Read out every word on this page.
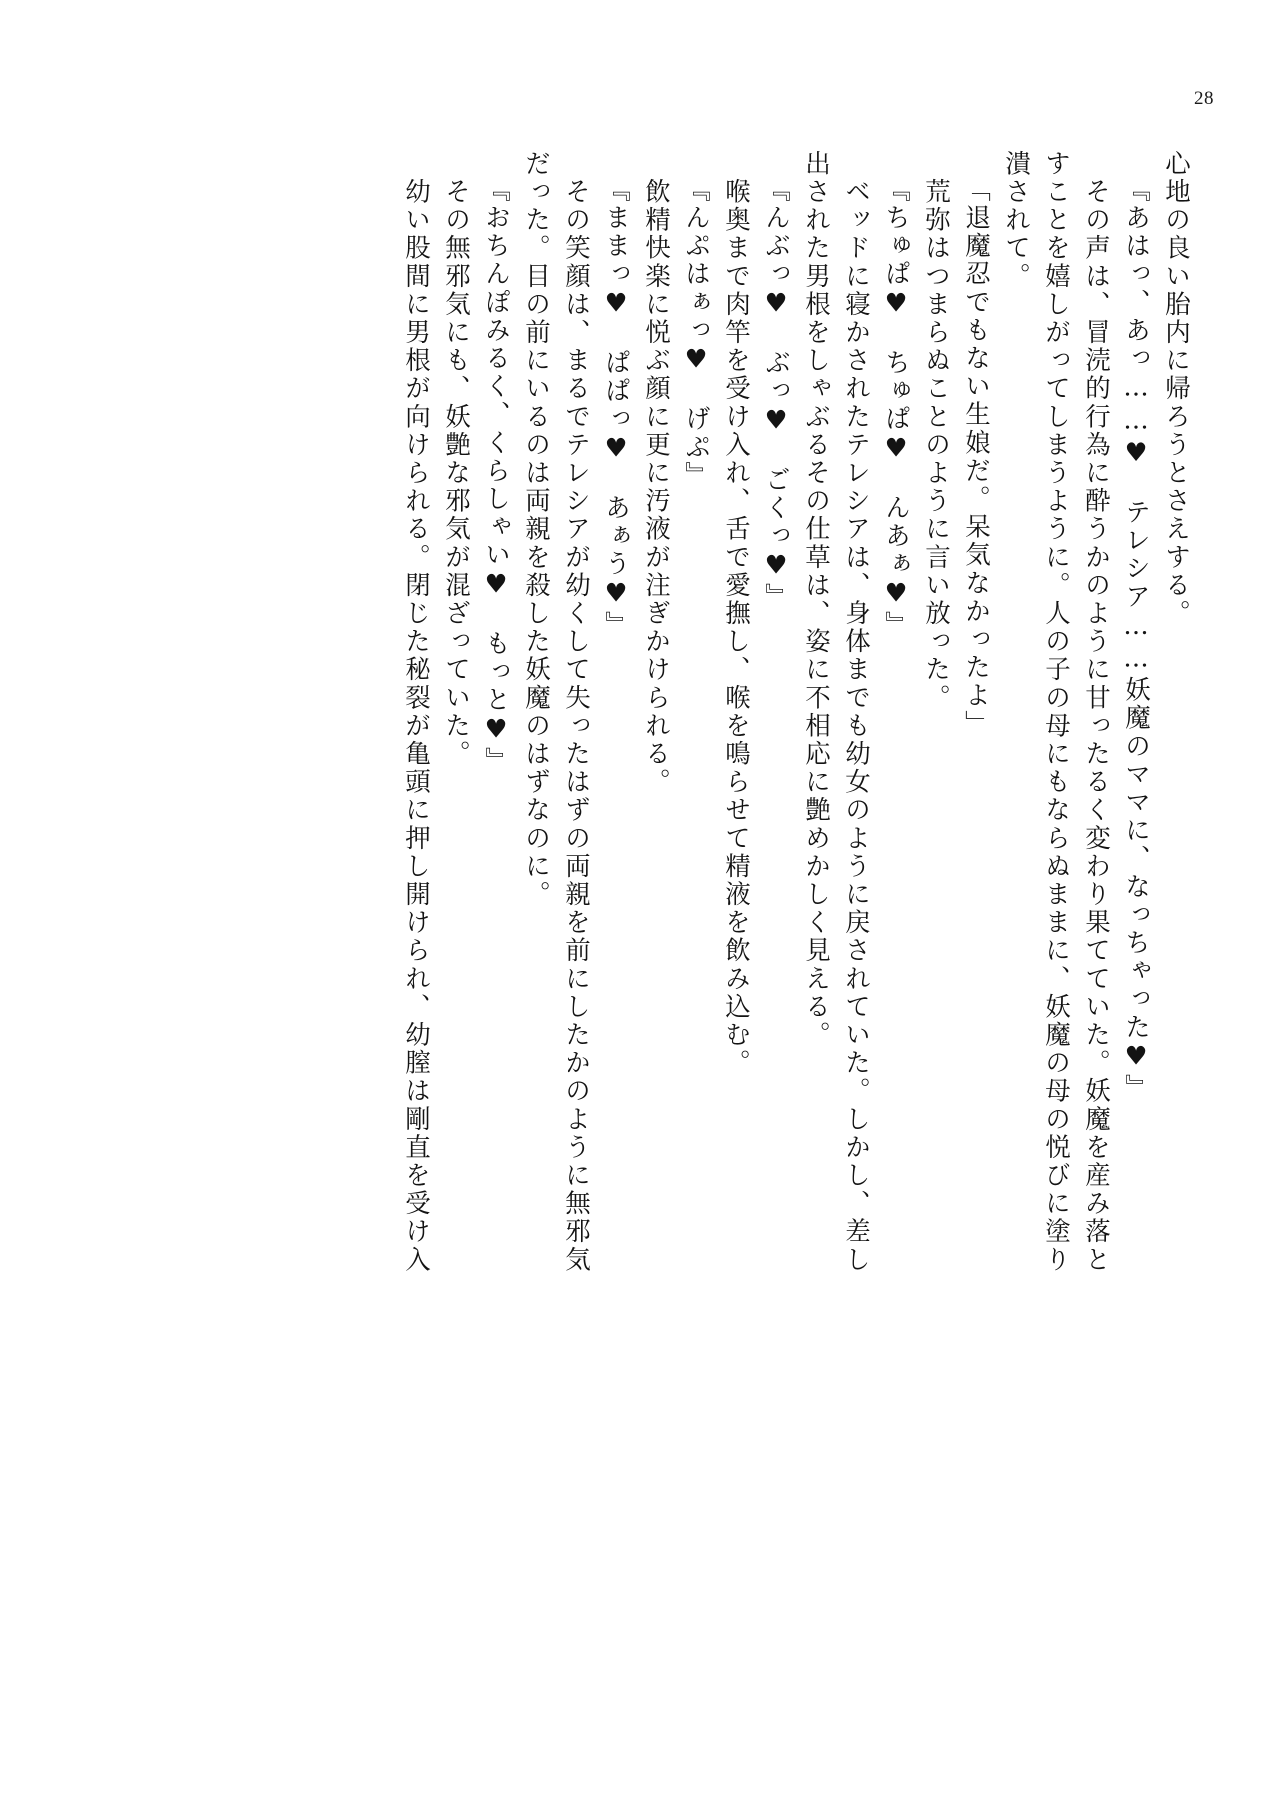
28
心地の良い胎内に帰ろうとさえする。
『あはっ、あっ……♥　テレシア……妖魔のママに、なっちゃった♥』
　その声は、冒涜的行為に酔うかのように甘ったるく変わり果てていた。妖魔を産み落と
すことを嬉しがってしまうように。人の子の母にもならぬままに、妖魔の母の悦びに塗り
潰されて。
「退魔忍でもない生娘だ。呆気なかったよ」
　荒弥はつまらぬことのように言い放った。
『ちゅぱ♥　ちゅぱ♥　んあぁ♥』
　ベッドに寝かされたテレシアは、身体までも幼女のように戻されていた。しかし、差し
出された男根をしゃぶるその仕草は、姿に不相応に艶めかしく見える。
『んぶっ♥　ぶっ♥　ごくっ♥』
　喉奥まで肉竿を受け入れ、舌で愛撫し、喉を鳴らせて精液を飲み込む。
『んぷはぁっ♥　げぷ』
　飲精快楽に悦ぶ顔に更に汚液が注ぎかけられる。
『ままっ♥　ぱぱっ♥　あぁう♥』
　その笑顔は、まるでテレシアが幼くして失ったはずの両親を前にしたかのように無邪気
だった。目の前にいるのは両親を殺した妖魔のはずなのに。
『おちんぽみるく、くらしゃい♥　もっと♥』
　その無邪気にも、妖艶な邪気が混ざっていた。
　幼い股間に男根が向けられる。閉じた秘裂が亀頭に押し開けられ、幼膣は剛直を受け入
